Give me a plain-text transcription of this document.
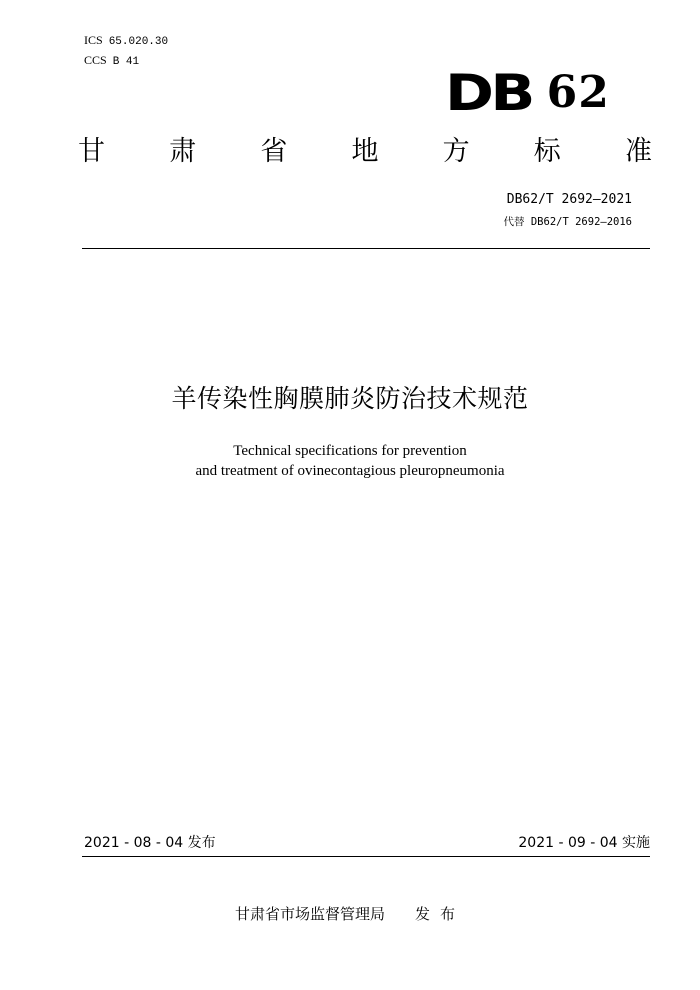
ICS 65.020.30
CCS B 41
DB 62
甘 肃 省 地 方 标 准
DB62/T 2692—2021
代替 DB62/T 2692—2016
羊传染性胸膜肺炎防治技术规范
Technical specifications for prevention
and treatment of ovinecontagious pleuropneumonia
2021 - 08 - 04 发布	2021 - 09 - 04 实施
甘肃省市场监督管理局 发布
